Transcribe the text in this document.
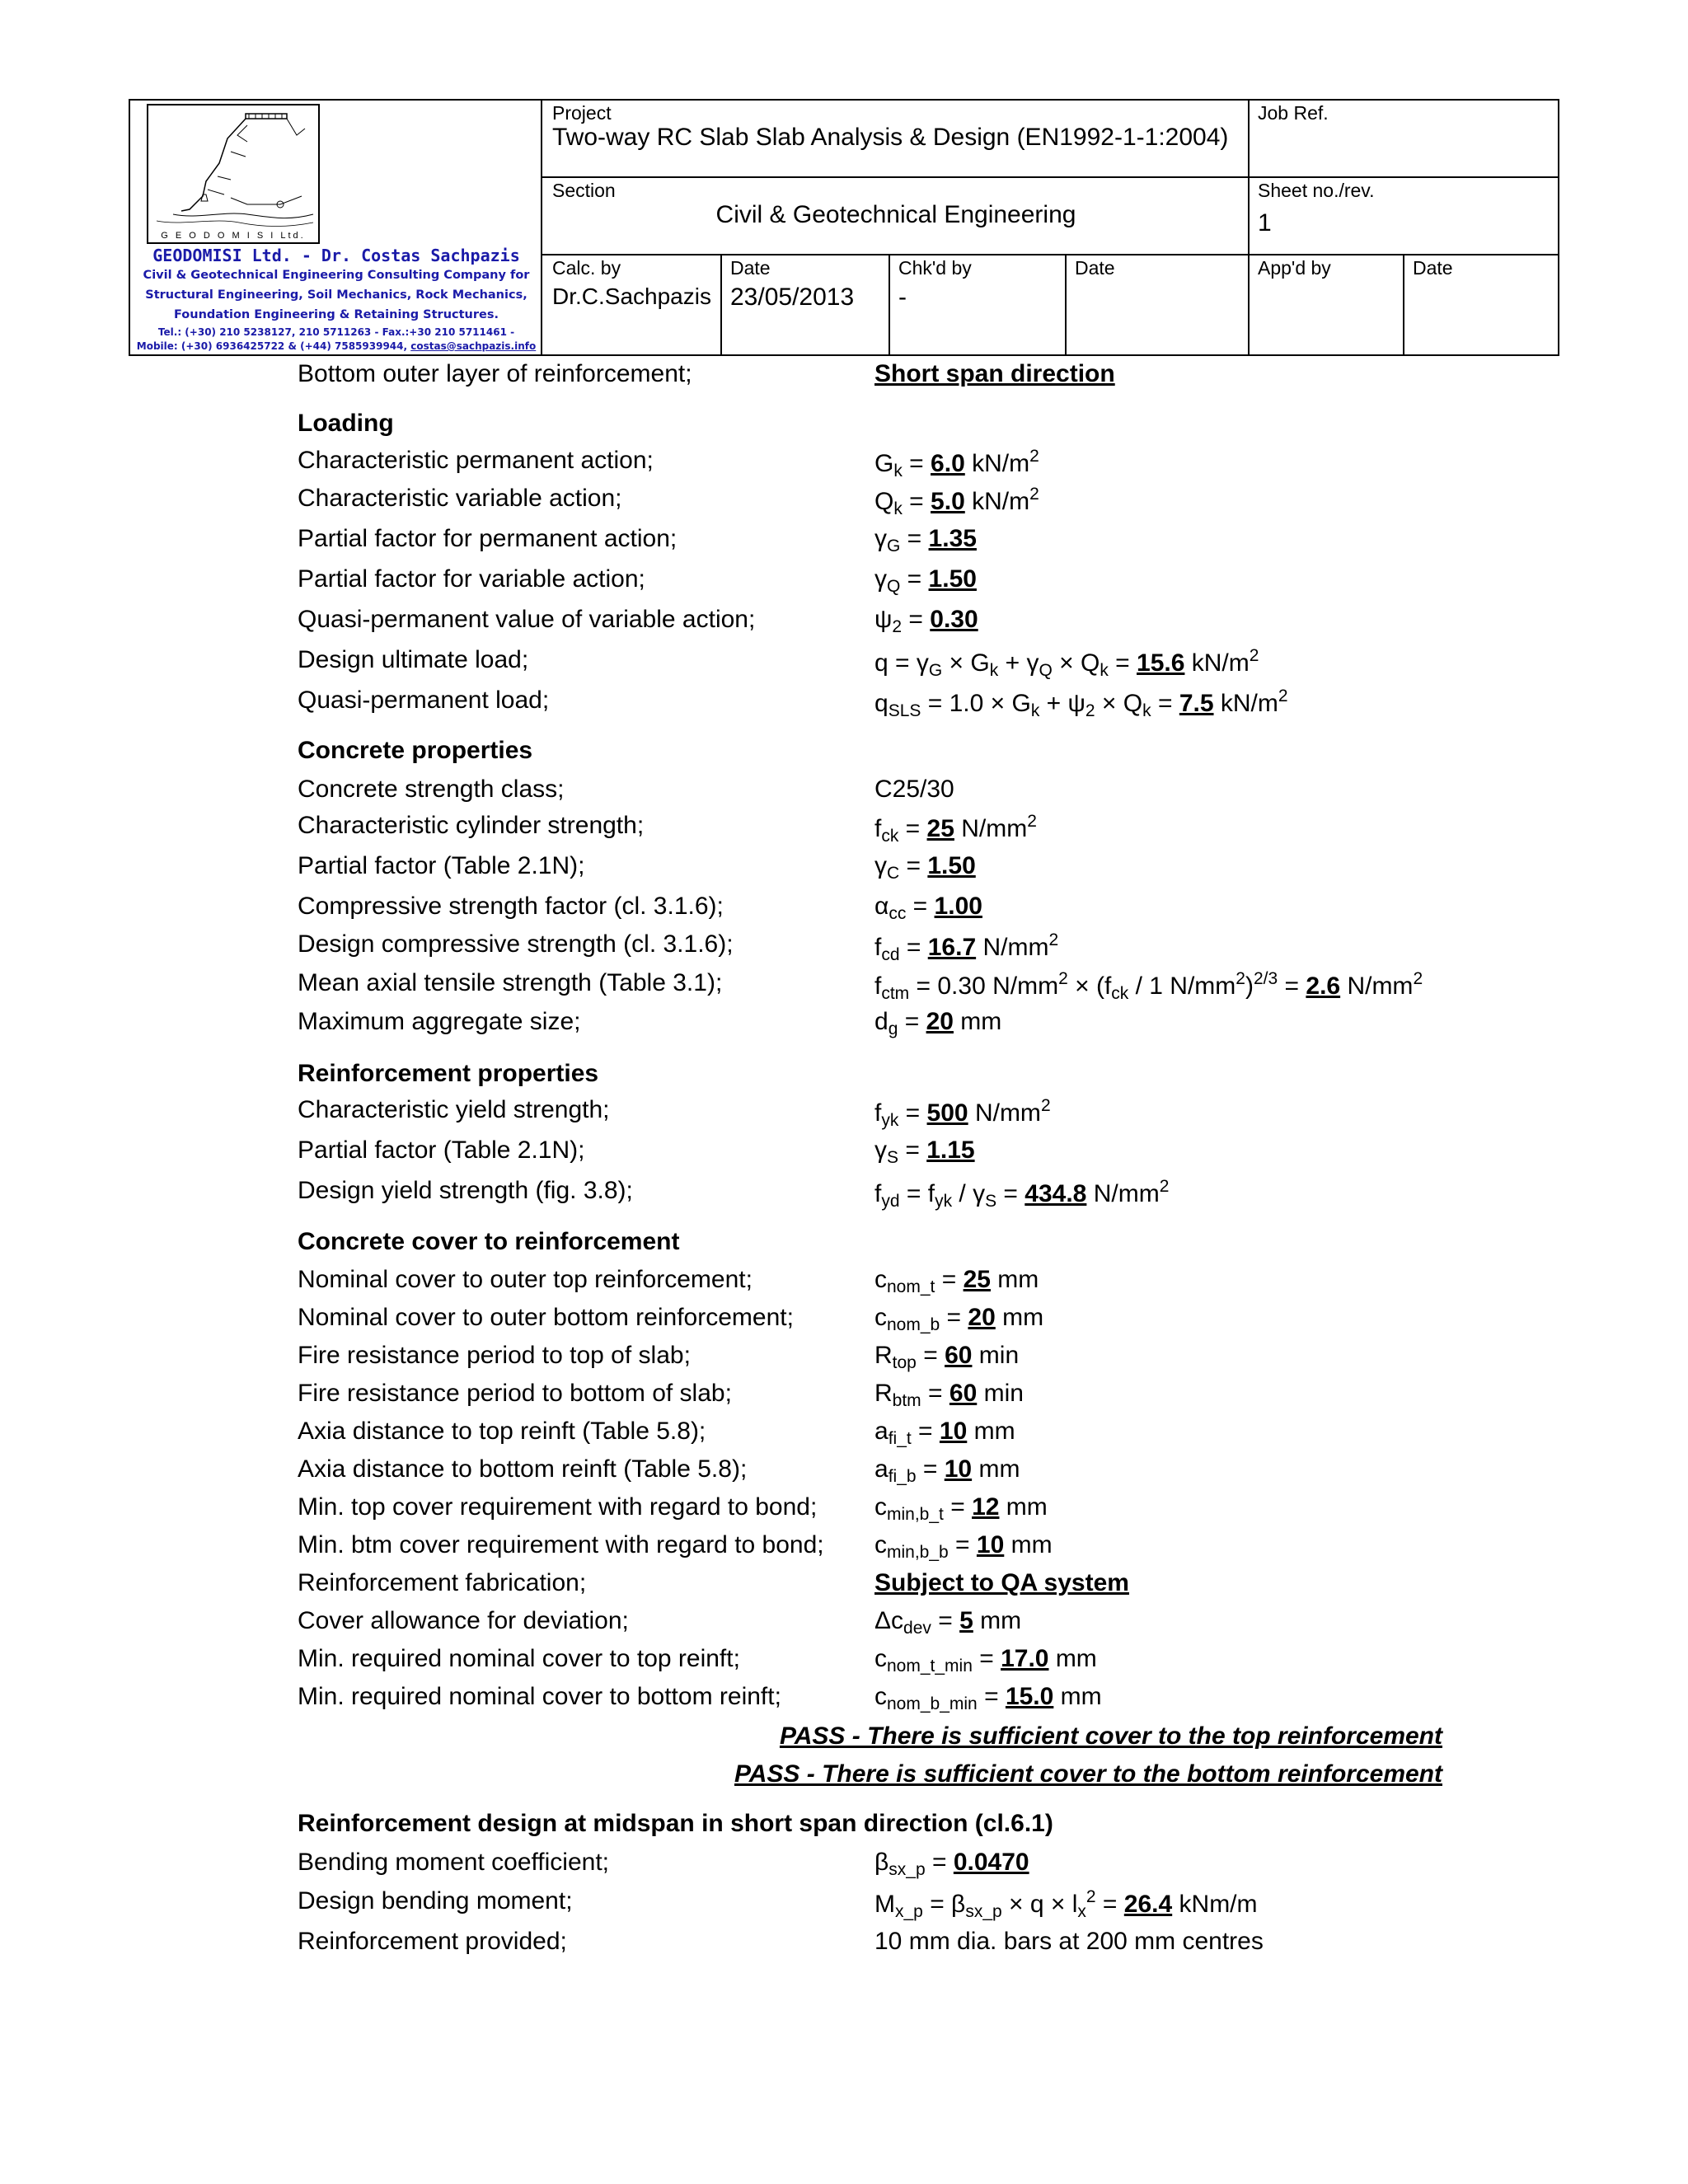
G E O D O M I S I Ltd.
GEODOMISI Ltd. - Dr. Costas Sachpazis
Civil & Geotechnical Engineering Consulting Company for
Structural Engineering, Soil Mechanics, Rock Mechanics,
Foundation Engineering & Retaining Structures.
Tel.: (+30) 210 5238127, 210 5711263 - Fax.:+30 210 5711461 -
Mobile: (+30) 6936425722 & (+44) 7585939944, costas@sachpazis.info
Project
Two-way RC Slab Slab Analysis & Design (EN1992-1-1:2004)
Job Ref.
Section
Civil & Geotechnical Engineering
Sheet no./rev.
1
Calc. by
Dr.C.Sachpazis
Date
23/05/2013
Chk'd by
-
Date	App'd by	Date
Bottom outer layer of reinforcement;	Short span direction
Loading
Characteristic permanent action;	$G_k = 6.0$ $kN/m^2$
Characteristic variable action;	$Q_k = 5.0$ $kN/m^2$
Partial factor for permanent action;	$\gamma_G = 1.35$
Partial factor for variable action;	$\gamma_Q = 1.50$
Quasi-permanent value of variable action;	$\psi_2 = 0.30$
Design ultimate load;	$q = \gamma_G \times G_k + \gamma_Q \times Q_k = 15.6$ $kN/m^2$
Quasi-permanent load;	$q_{SLS} = 1.0 \times G_k + \psi_2 \times Q_k = 7.5$ $kN/m^2$
Concrete properties
Concrete strength class;	C25/30
Characteristic cylinder strength;	$f_{ck} = 25$ $N/mm^2$
Partial factor (Table 2.1N);	$\gamma_C = 1.50$
Compressive strength factor (cl. 3.1.6);	$\alpha_{cc} = 1.00$
Design compressive strength (cl. 3.1.6);	$f_{cd} = 16.7$ $N/mm^2$
Mean axial tensile strength (Table 3.1);	$f_{ctm} = 0.30$ $N/mm^2 \times (f_{ck} / 1$ $N/mm^2)^{2/3} = 2.6$ $N/mm^2$
Maximum aggregate size;	$d_g = 20$ mm
Reinforcement properties
Characteristic yield strength;	$f_{yk} = 500$ $N/mm^2$
Partial factor (Table 2.1N);	$\gamma_S = 1.15$
Design yield strength (fig. 3.8);	$f_{yd} = f_{yk} / \gamma_S = 434.8$ $N/mm^2$
Concrete cover to reinforcement
Nominal cover to outer top reinforcement;	$c_{nom\_t} = 25$ mm
Nominal cover to outer bottom reinforcement;	$c_{nom\_b} = 20$ mm
Fire resistance period to top of slab;	$R_{top} = 60$ min
Fire resistance period to bottom of slab;	$R_{btm} = 60$ min
Axia distance to top reinft (Table 5.8);	$a_{fi\_t} = 10$ mm
Axia distance to bottom reinft (Table 5.8);	$a_{fi\_b} = 10$ mm
Min. top cover requirement with regard to bond; $c_{min,b\_t} = 12$ mm
Min. btm cover requirement with regard to bond; $c_{min,b\_b} = 10$ mm
Reinforcement fabrication;	Subject to QA system
Cover allowance for deviation;	$\Delta c_{dev} = 5$ mm
Min. required nominal cover to top reinft;	$c_{nom\_t\_min} = 17.0$ mm
Min. required nominal cover to bottom reinft;	$c_{nom\_b\_min} = 15.0$ mm
PASS - There is sufficient cover to the top reinforcement
PASS - There is sufficient cover to the bottom reinforcement
Reinforcement design at midspan in short span direction (cl.6.1)
Bending moment coefficient;	$\beta_{sx\_p} = 0.0470$
Design bending moment;	$M_{x\_p} = \beta_{sx\_p} \times q \times l_x^2 = 26.4$ kNm/m
Reinforcement provided;	10 mm dia. bars at 200 mm centres
